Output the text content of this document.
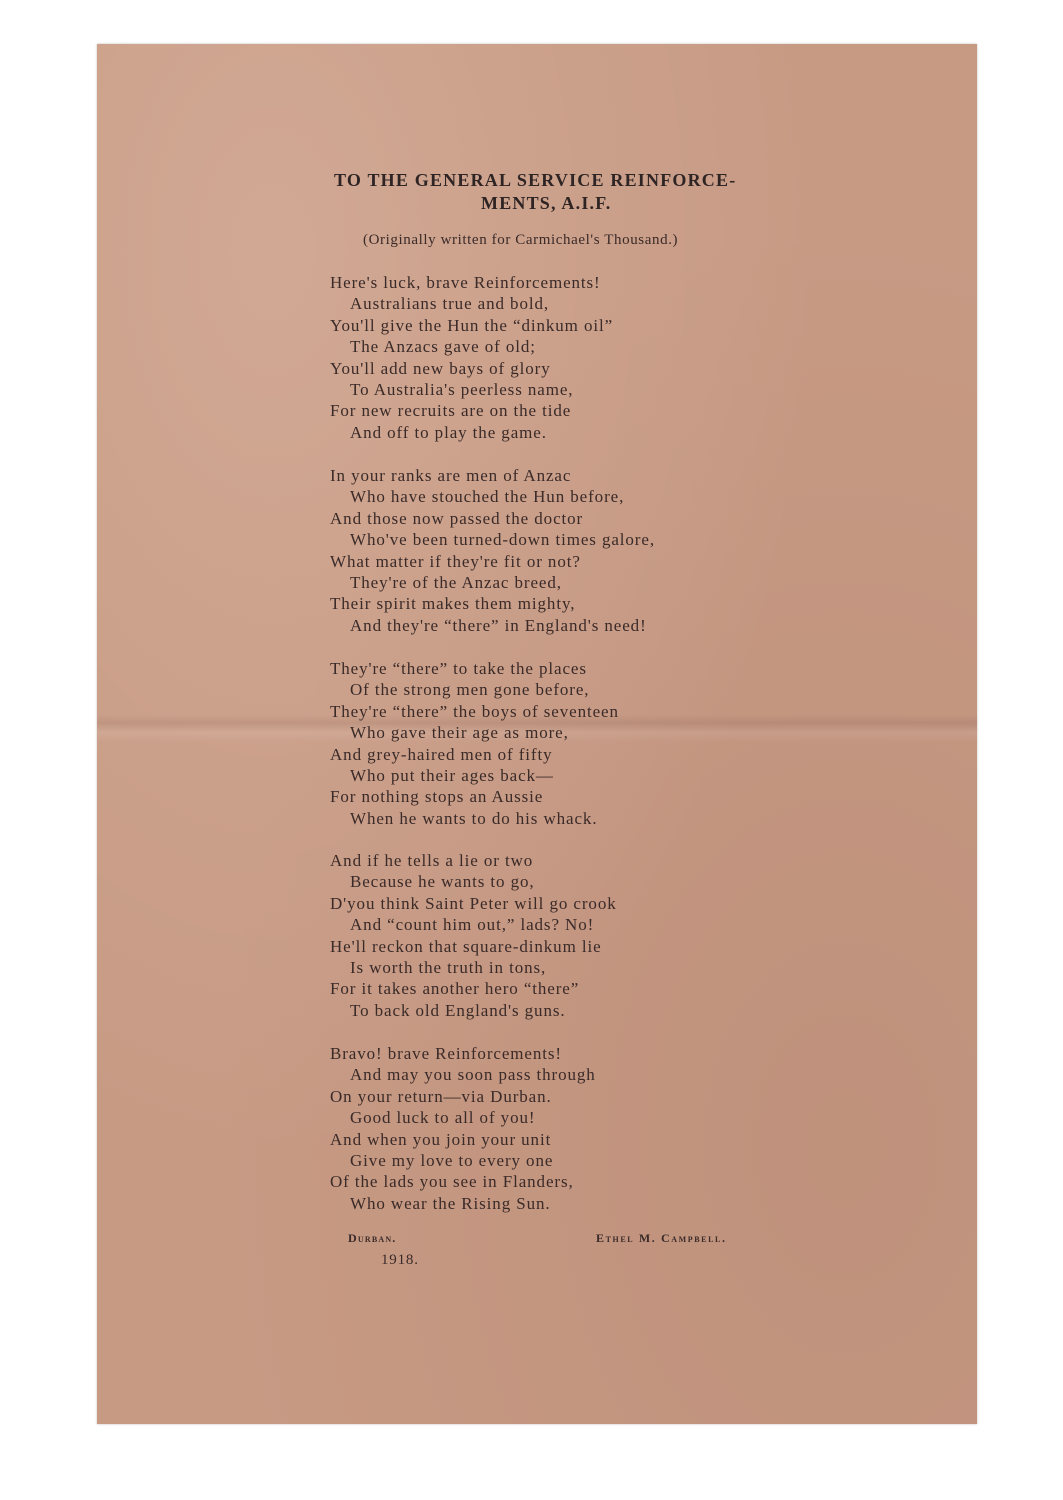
TO THE GENERAL SERVICE REINFORCE-
MENTS, A.I.F.
(Originally written for Carmichael's Thousand.)
Here's luck, brave Reinforcements!
Australians true and bold,
You'll give the Hun the “dinkum oil”
The Anzacs gave of old;
You'll add new bays of glory
To Australia's peerless name,
For new recruits are on the tide
And off to play the game.
In your ranks are men of Anzac
Who have stouched the Hun before,
And those now passed the doctor
Who've been turned-down times galore,
What matter if they're fit or not?
They're of the Anzac breed,
Their spirit makes them mighty,
And they're “there” in England's need!
They're “there” to take the places
Of the strong men gone before,
They're “there” the boys of seventeen
Who gave their age as more,
And grey-haired men of fifty
Who put their ages back—
For nothing stops an Aussie
When he wants to do his whack.
And if he tells a lie or two
Because he wants to go,
D'you think Saint Peter will go crook
And “count him out,” lads? No!
He'll reckon that square-dinkum lie
Is worth the truth in tons,
For it takes another hero “there”
To back old England's guns.
Bravo! brave Reinforcements!
And may you soon pass through
On your return—via Durban.
Good luck to all of you!
And when you join your unit
Give my love to every one
Of the lads you see in Flanders,
Who wear the Rising Sun.
Durban.
1918.
Ethel M. Campbell.
